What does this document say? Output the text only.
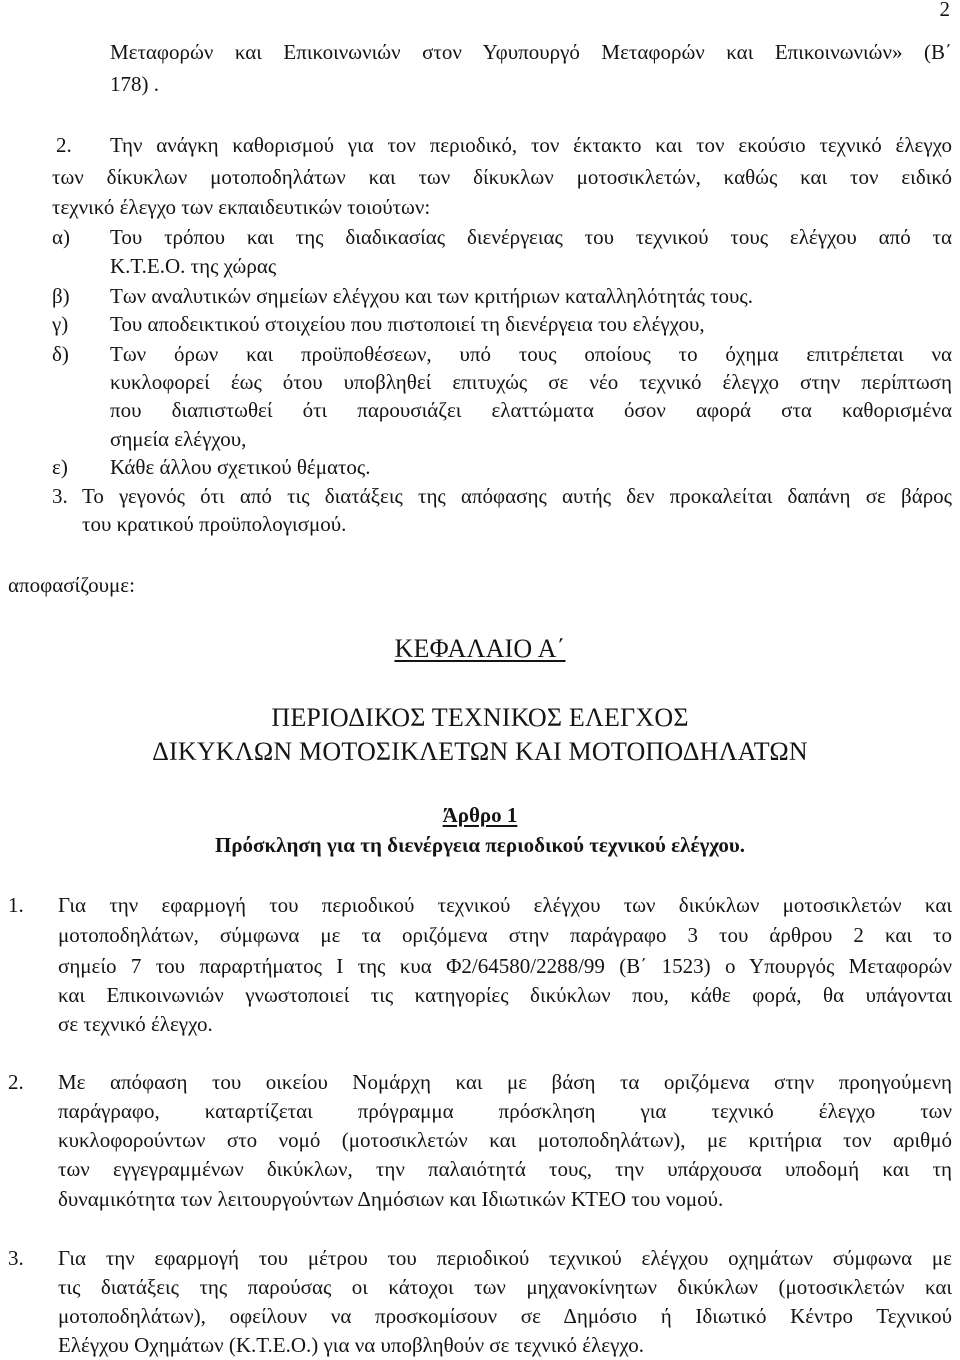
2
Μεταφορών και Επικοινωνιών στον Υφυπουργό Μεταφορών και Επικοινωνιών» (Β΄
178) .
2. Την ανάγκη καθορισμού για τον περιοδικό, τον έκτακτο και τον εκούσιο τεχνικό έλεγχο
των δίκυκλων μοτοποδηλάτων και των δίκυκλων μοτοσικλετών, καθώς και τον ειδικό
τεχνικό έλεγχο των εκπαιδευτικών τοιούτων:
α) Του τρόπου και της διαδικασίας διενέργειας του τεχνικού τους ελέγχου από τα
Κ.Τ.Ε.Ο. της χώρας
β) Των αναλυτικών σημείων ελέγχου και των κριτήριων καταλληλότητάς τους.
γ) Του αποδεικτικού στοιχείου που πιστοποιεί τη διενέργεια του ελέγχου,
δ) Των όρων και προϋποθέσεων, υπό τους οποίους το όχημα επιτρέπεται να
κυκλοφορεί έως ότου υποβληθεί επιτυχώς σε νέο τεχνικό έλεγχο στην περίπτωση
που διαπιστωθεί ότι παρουσιάζει ελαττώματα όσον αφορά στα καθορισμένα
σημεία ελέγχου,
ε) Κάθε άλλου σχετικού θέματος.
3. Το γεγονός ότι από τις διατάξεις της απόφασης αυτής δεν προκαλείται δαπάνη σε βάρος
του κρατικού προϋπολογισμού.
αποφασίζουμε:
ΚΕΦΑΛΑΙΟ Α΄
ΠΕΡΙΟΔΙΚΟΣ ΤΕΧΝΙΚΟΣ ΕΛΕΓΧΟΣ
ΔΙΚΥΚΛΩΝ ΜΟΤΟΣΙΚΛΕΤΩΝ ΚΑΙ ΜΟΤΟΠΟΔΗΛΑΤΩΝ
Άρθρο 1
Πρόσκληση για τη διενέργεια περιοδικού τεχνικού ελέγχου.
1. Για την εφαρμογή του περιοδικού τεχνικού ελέγχου των δικύκλων μοτοσικλετών και
μοτοποδηλάτων, σύμφωνα με τα οριζόμενα στην παράγραφο 3 του άρθρου 2 και το
σημείο 7 του παραρτήματος Ι της κυα Φ2/64580/2288/99 (Β΄ 1523) ο Υπουργός Μεταφορών
και Επικοινωνιών γνωστοποιεί τις κατηγορίες δικύκλων που, κάθε φορά, θα υπάγονται
σε τεχνικό έλεγχο.
2. Με απόφαση του οικείου Νομάρχη και με βάση τα οριζόμενα στην προηγούμενη
παράγραφο, καταρτίζεται πρόγραμμα πρόσκληση για τεχνικό έλεγχο των
κυκλοφορούντων στο νομό (μοτοσικλετών και μοτοποδηλάτων), με κριτήρια τον αριθμό
των εγγεγραμμένων δικύκλων, την παλαιότητά τους, την υπάρχουσα υποδομή και τη
δυναμικότητα των λειτουργούντων Δημόσιων και Ιδιωτικών ΚΤΕΟ του νομού.
3. Για την εφαρμογή του μέτρου του περιοδικού τεχνικού ελέγχου οχημάτων σύμφωνα με
τις διατάξεις της παρούσας οι κάτοχοι των μηχανοκίνητων δικύκλων (μοτοσικλετών και
μοτοποδηλάτων), οφείλουν να προσκομίσουν σε Δημόσιο ή Ιδιωτικό Κέντρο Τεχνικού
Ελέγχου Οχημάτων (Κ.Τ.Ε.Ο.) για να υποβληθούν σε τεχνικό έλεγχο.
